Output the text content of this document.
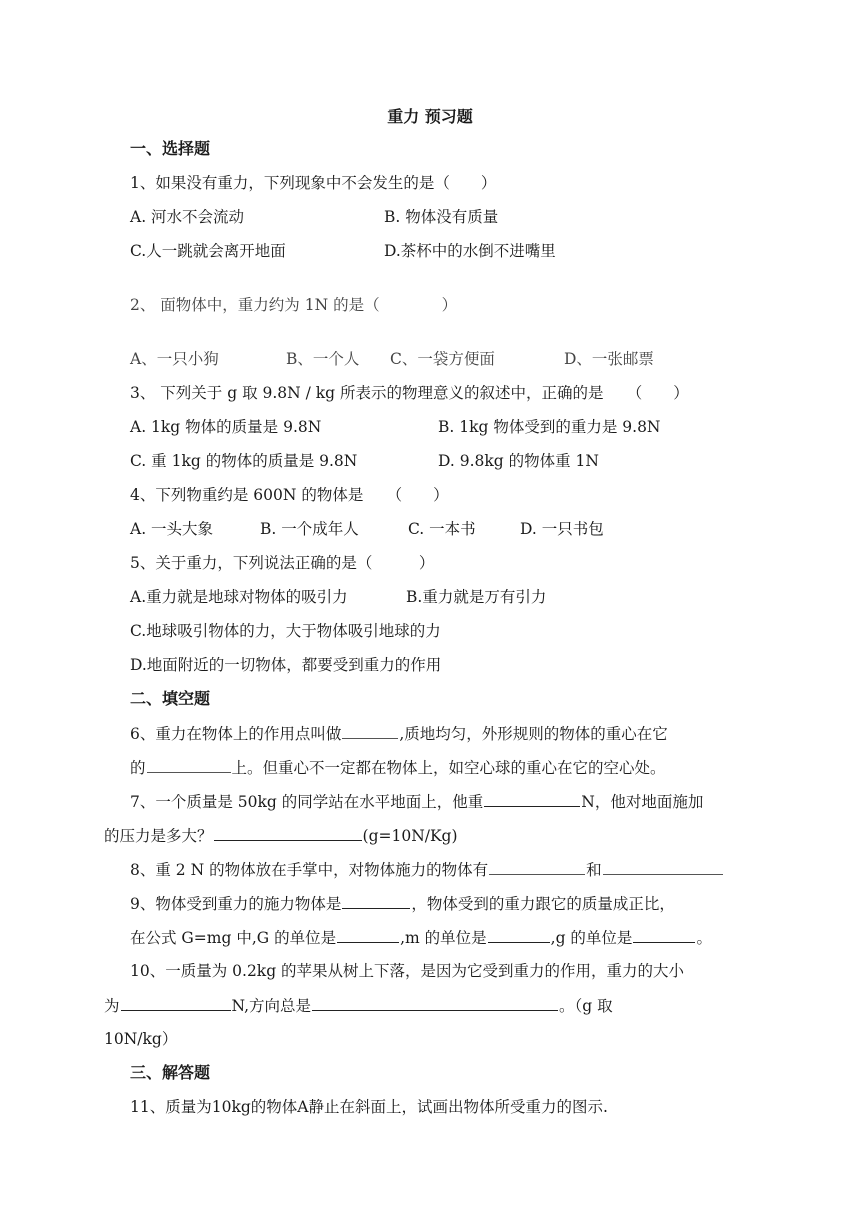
重力 预习题
一、选择题
1、如果没有重力，下列现象中不会发生的是（　　）
A. 河水不会流动	B. 物体没有质量
C.人一跳就会离开地面	D.茶杯中的水倒不进嘴里
2、 面物体中，重力约为 1N 的是（　　　　）
A、一只小狗	B、一个人 C、一袋方便面	D、一张邮票
3、 下列关于 g 取 9.8N / kg 所表示的物理意义的叙述中，正确的是　　（　　）
A. 1kg 物体的质量是 9.8N	B. 1kg 物体受到的重力是 9.8N
C. 重 1kg 的物体的质量是 9.8N	D. 9.8kg 的物体重 1N
4、下列物重约是 600N 的物体是　　（　　）
A. 一头大象	B. 一个成年人	C. 一本书	D. 一只书包
5、关于重力，下列说法正确的是（　　　）
A.重力就是地球对物体的吸引力	B.重力就是万有引力
C.地球吸引物体的力，大于物体吸引地球的力
D.地面附近的一切物体，都要受到重力的作用
二、填空题
6、重力在物体上的作用点叫做	,质地均匀，外形规则的物体的重心在它
的	上。但重心不一定都在物体上，如空心球的重心在它的空心处。
7、一个质量是 50kg 的同学站在水平地面上，他重	N，他对地面施加
的压力是多大？	(g=10N/Kg)
8、重 2 N 的物体放在手掌中，对物体施力的物体有	和
9、物体受到重力的施力物体是	，物体受到的重力跟它的质量成正比，
在公式 G=mg 中,G 的单位是	,m 的单位是	,g 的单位是	。
10、一质量为 0.2kg 的苹果从树上下落，是因为它受到重力的作用，重力的大小
为	N,方向总是	。（g 取
10N/kg）
三、解答题
11、质量为10kg的物体A静止在斜面上，试画出物体所受重力的图示.
